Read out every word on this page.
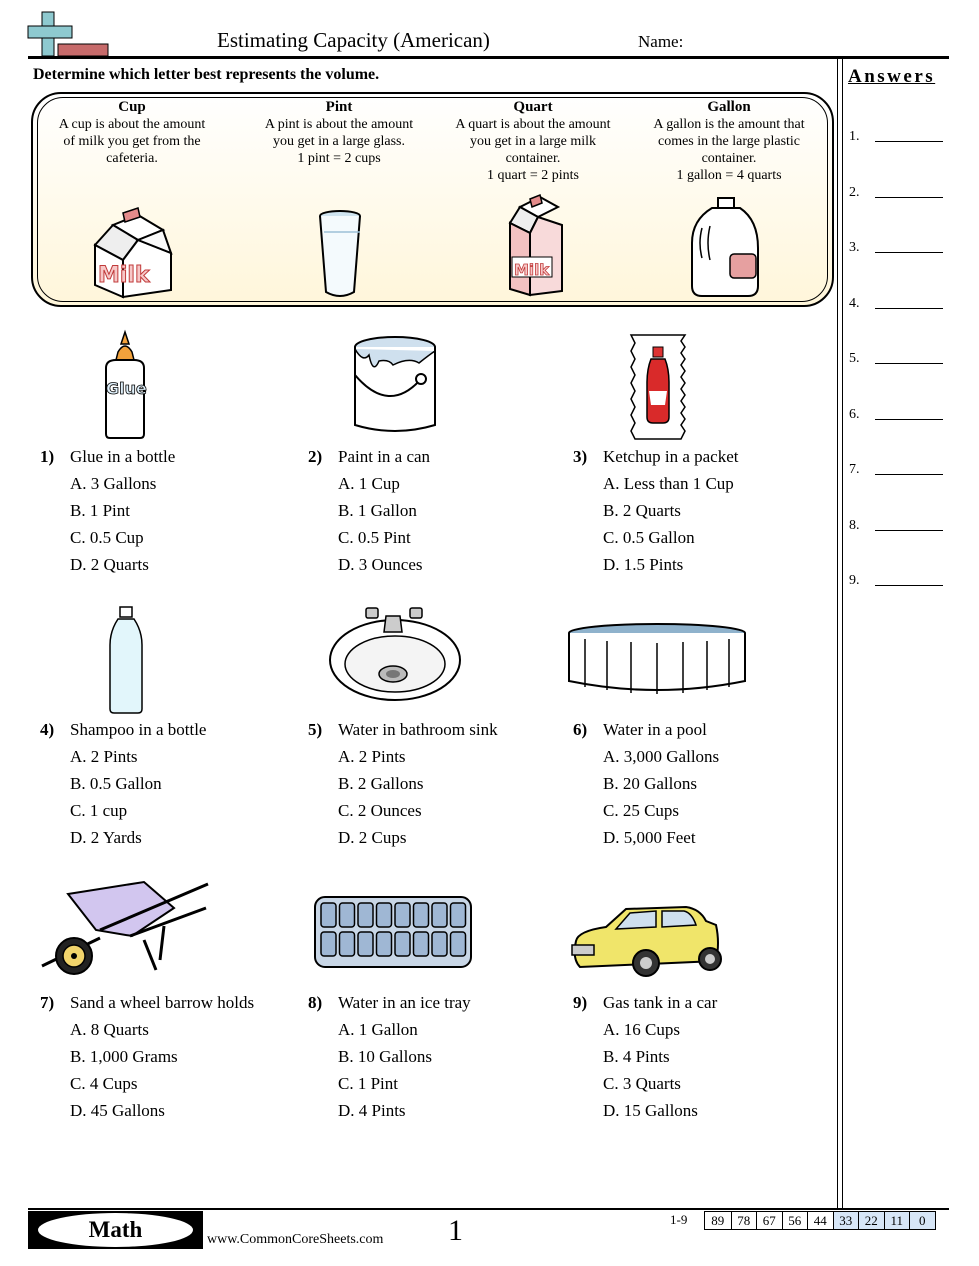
Estimating Capacity (American)	Name:
Determine which letter best represents the volume.	Answers
1.
2.
3.
4.
5.
6.
7.
8.
9.
Cup
A cup is about the amount
of milk you get from the
cafeteria.
Pint
A pint is about the amount
you get in a large glass.
1 pint = 2 cups
Quart
A quart is about the amount
you get in a large milk
container.
1 quart = 2 pints
Gallon
A gallon is the amount that
comes in the large plastic
container.
1 gallon = 4 quarts
Milk	Milk
Glue
1) Glue in a bottle
A. 3 Gallons
B. 1 Pint
C. 0.5 Cup
D. 2 Quarts
2) Paint in a can
A. 1 Cup
B. 1 Gallon
C. 0.5 Pint
D. 3 Ounces
3) Ketchup in a packet
A. Less than 1 Cup
B. 2 Quarts
C. 0.5 Gallon
D. 1.5 Pints
4) Shampoo in a bottle
A. 2 Pints
B. 0.5 Gallon
C. 1 cup
D. 2 Yards
5) Water in bathroom sink
A. 2 Pints
B. 2 Gallons
C. 2 Ounces
D. 2 Cups
6) Water in a pool
A. 3,000 Gallons
B. 20 Gallons
C. 25 Cups
D. 5,000 Feet
7) Sand a wheel barrow holds
A. 8 Quarts
B. 1,000 Grams
C. 4 Cups
D. 45 Gallons
8) Water in an ice tray
A. 1 Gallon
B. 10 Gallons
C. 1 Pint
D. 4 Pints
9) Gas tank in a car
A. 16 Cups
B. 4 Pints
C. 3 Quarts
D. 15 Gallons
Math	www.CommonCoreSheets.com 1	1-9	89	78 67 56 44 33 22 11	0
